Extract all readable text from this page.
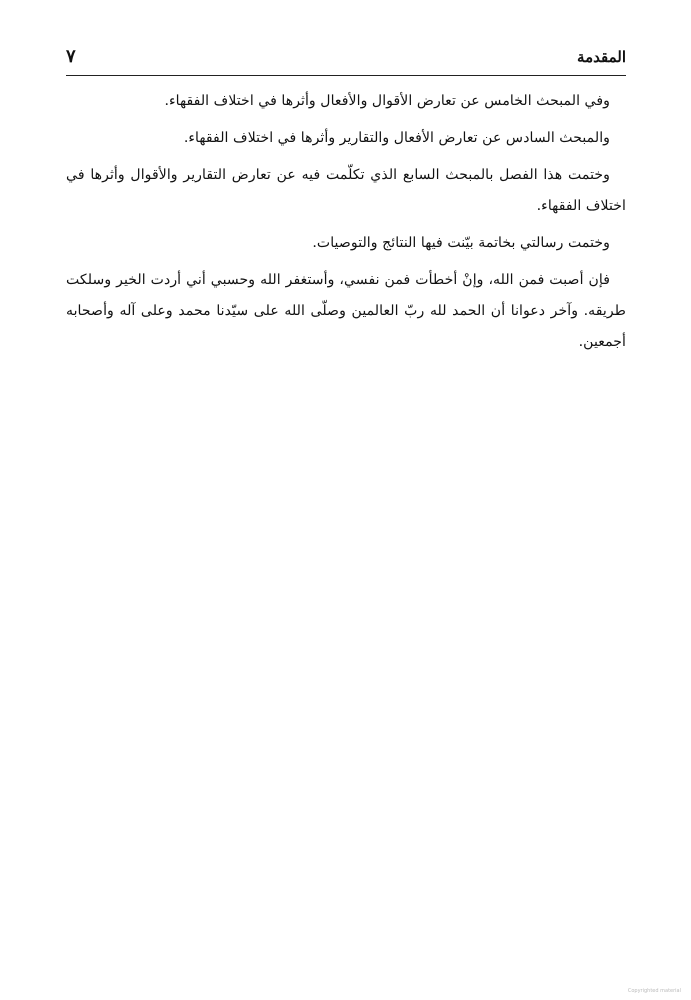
المقدمة
٧

وفي المبحث الخامس عن تعارض الأقوال والأفعال وأثرها في اختلاف الفقهاء.

والمبحث السادس عن تعارض الأفعال والتقارير وأثرها في اختلاف الفقهاء.

وختمت هذا الفصل بالمبحث السابع الذي تكلّمت فيه عن تعارض التقارير والأقوال وأثرها في اختلاف الفقهاء.

وختمت رسالتي بخاتمة بيّنت فيها النتائج والتوصيات.

فإن أصبت فمن الله، وإنْ أخطأت فمن نفسي، وأستغفر الله وحسبي أني أردت الخير وسلكت طريقه. وآخر دعوانا أن الحمد لله ربّ العالمين وصلّى الله على سيّدنا محمد وعلى آله وأصحابه أجمعين.

Copyrighted material
